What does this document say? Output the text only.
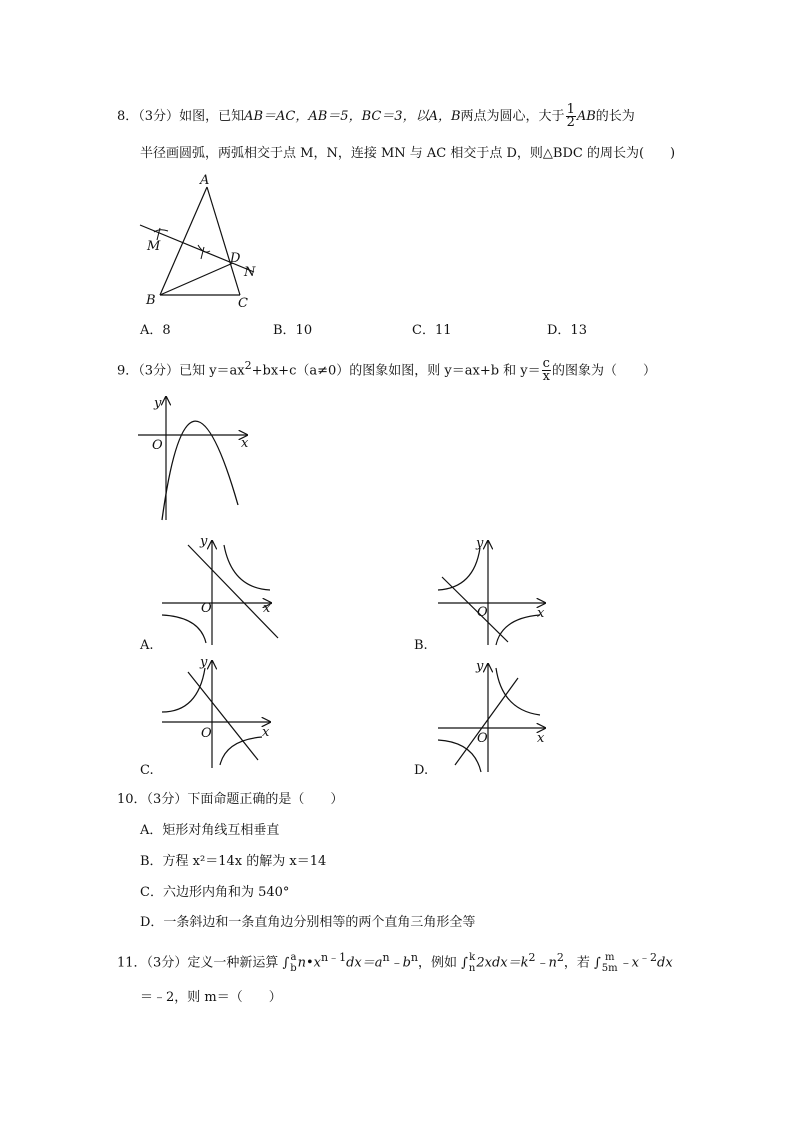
8．（3分）如图，已知AB＝AC，AB＝5，BC＝3，以A，B两点为圆心，大于 $\frac{1}{2}$ AB的长为
半径画圆弧，两弧相交于点 M，N，连接 MN 与 AC 相交于点 D，则△BDC 的周长为(　　)
A
B	C
D
M
N
A．8	B．10	C．11	D．13
9．（3分）已知 $y=ax^2+bx+c(a\ne 0)$的图象如图，则 y＝ax+b 和 $y= \frac{c}{x}$ 的图象为（　　）
y
x
O
y
x
O
A.
y
x
O
B.
y
x
O
C.
y
x
O
D.
10．（3分）下面命题正确的是（　　）
A．矩形对角线互相垂直
B．方程 x²＝14x 的解为 x＝14
C．六边形内角和为 540°
D．一条斜边和一条直角边分别相等的两个直角三角形全等
11．（3分）定义一种新运算 ∫ a
b $n•x^{n﹣1}dx=a^n﹣b^n$，例如 ∫ k
n $2xdx=k^2﹣n^2$，若 ∫ m
5m $﹣x^{﹣2}dx$
＝﹣2，则 m＝（　　）
